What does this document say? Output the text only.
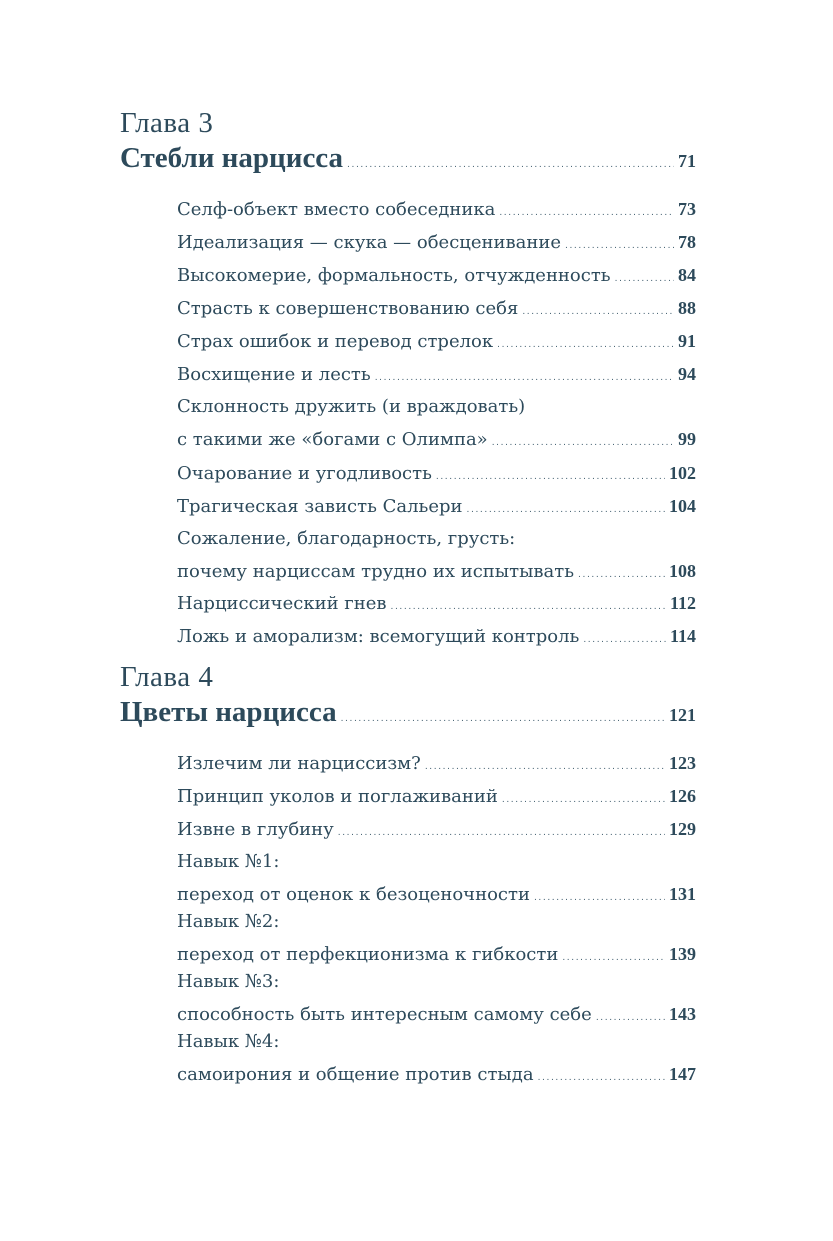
Глава 3
Стебли нарцисса .....	71
Селф-объект вместо собеседника .....	73
Идеализация — скука — обесценивание .....	78
Высокомерие, формальность, отчужденность .....	84
Страсть к совершенствованию себя .....	88
Страх ошибок и перевод стрелок .....	91
Восхищение и лесть .....	94
Склонность дружить (и враждовать)
с такими же «богами с Олимпа» .....	99
Очарование и угодливость .....	102
Трагическая зависть Сальери .....	104
Сожаление, благодарность, грусть:
почему нарциссам трудно их испытывать .....	108
Нарциссический гнев .....	112
Ложь и аморализм: всемогущий контроль .....	114
Глава 4
Цветы нарцисса .....	121
Излечим ли нарциссизм? .....	123
Принцип уколов и поглаживаний .....	126
Извне в глубину .....	129
Навык №1:
переход от оценок к безоценочности .....	131
Навык №2:
переход от перфекционизма к гибкости .....	139
Навык №3:
способность быть интересным самому себе .....	143
Навык №4:
самоирония и общение против стыда .....	147
